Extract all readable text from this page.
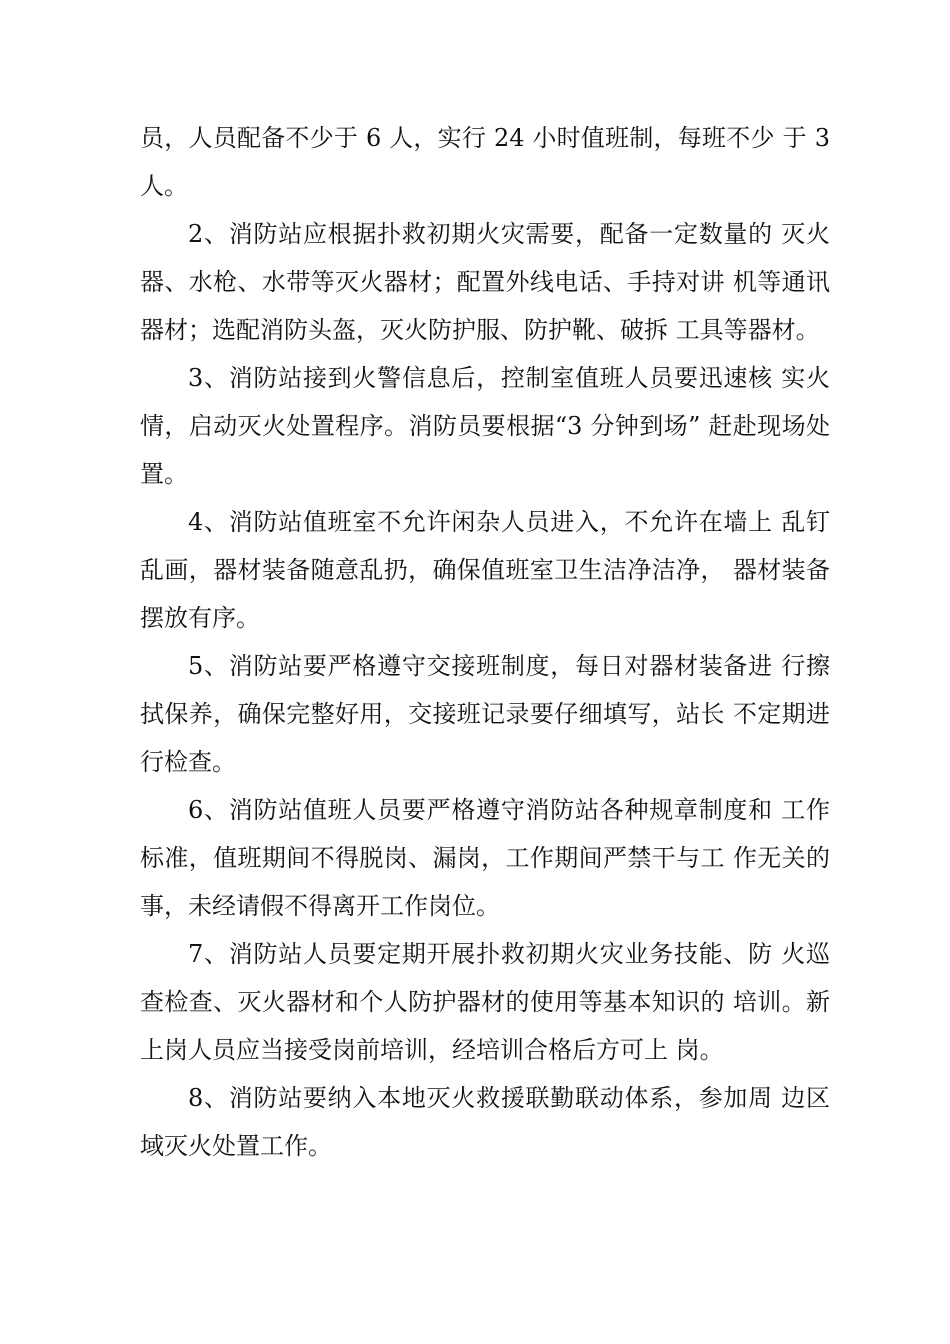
员，人员配备不少于 6 人，实行 24 小时值班制，每班不少 于 3 人。

2、消防站应根据扑救初期火灾需要，配备一定数量的 灭火器、水枪、水带等灭火器材；配置外线电话、手持对讲 机等通讯器材；选配消防头盔，灭火防护服、防护靴、破拆 工具等器材。

3、消防站接到火警信息后，控制室值班人员要迅速核 实火情，启动灭火处置程序。消防员要根据“3 分钟到场” 赶赴现场处置。

4、消防站值班室不允许闲杂人员进入，不允许在墙上 乱钉乱画，器材装备随意乱扔，确保值班室卫生洁净洁净， 器材装备摆放有序。

5、消防站要严格遵守交接班制度，每日对器材装备进 行擦拭保养，确保完整好用，交接班记录要仔细填写，站长 不定期进行检查。

6、消防站值班人员要严格遵守消防站各种规章制度和 工作标准，值班期间不得脱岗、漏岗，工作期间严禁干与工 作无关的事，未经请假不得离开工作岗位。

7、消防站人员要定期开展扑救初期火灾业务技能、防 火巡查检查、灭火器材和个人防护器材的使用等基本知识的 培训。新上岗人员应当接受岗前培训，经培训合格后方可上 岗。

8、消防站要纳入本地灭火救援联勤联动体系，参加周 边区域灭火处置工作。
